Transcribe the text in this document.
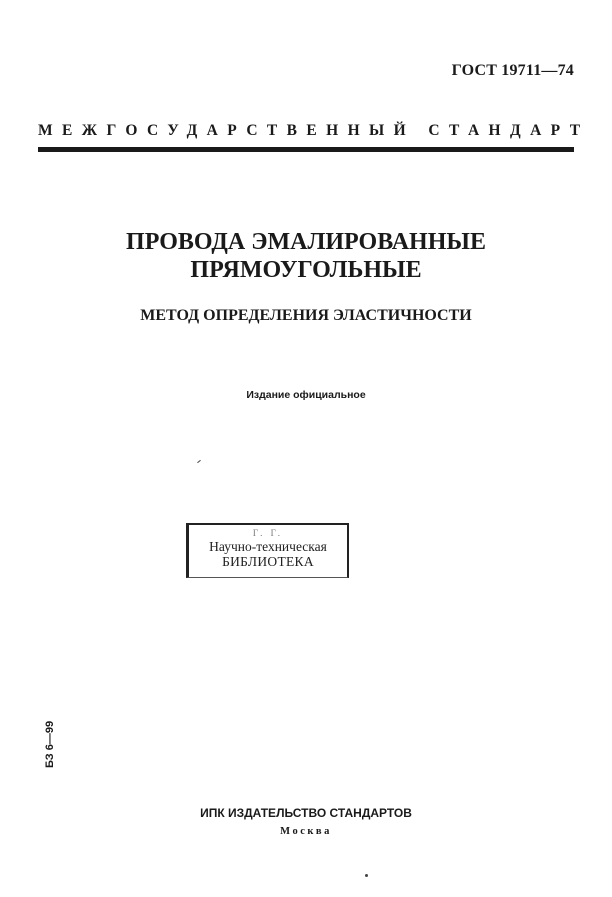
ГОСТ 19711—74
МЕЖГОСУДАРСТВЕННЫЙ СТАНДАРТ
ПРОВОДА ЭМАЛИРОВАННЫЕ
ПРЯМОУГОЛЬНЫЕ
МЕТОД ОПРЕДЕЛЕНИЯ ЭЛАСТИЧНОСТИ
Издание официальное
Г. Г.
Научно-техническая
БИБЛИОТЕКА
БЗ 6—99
ИПК ИЗДАТЕЛЬСТВО СТАНДАРТОВ
Москва
